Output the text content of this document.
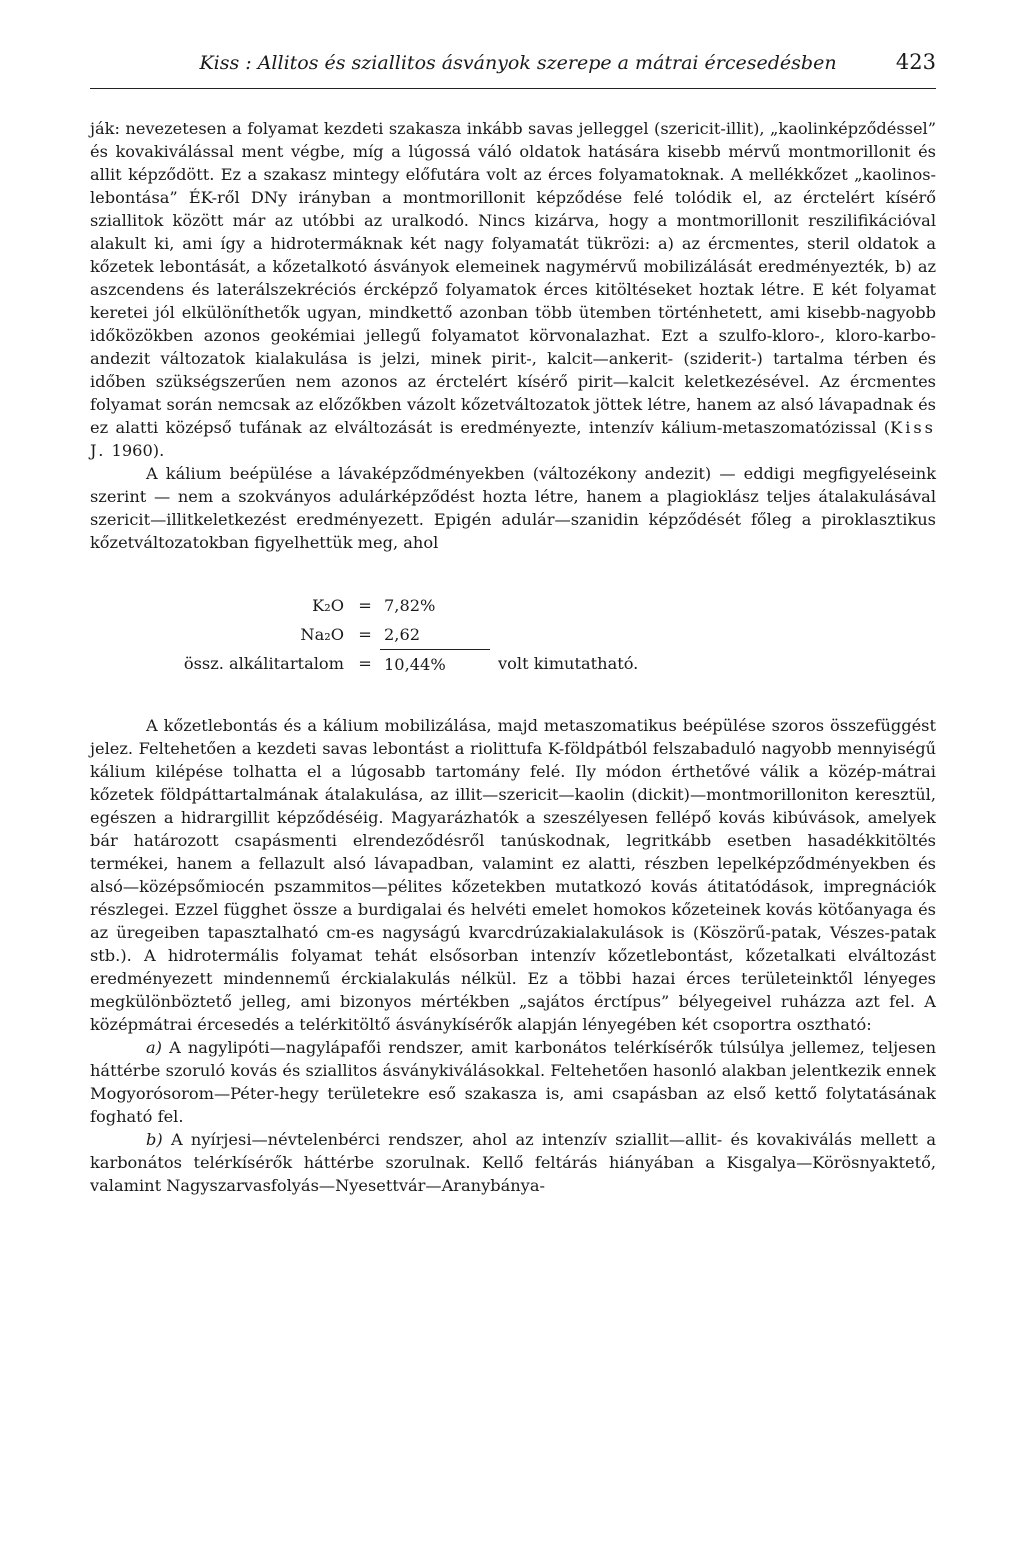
Kiss : Allitos és sziallitos ásványok szerepe a mátrai ércesedésben	423

ják: nevezetesen a folyamat kezdeti szakasza inkább savas jelleggel (szericit-illit), „kaolinképződéssel” és kovakiválással ment végbe, míg a lúgossá váló oldatok hatására kisebb mérvű montmorillonit és allit képződött. Ez a szakasz mintegy előfutára volt az érces folyamatoknak. A mellékkőzet „kaolinos-lebontása” ÉK-ről DNy irányban a montmorillonit képződése felé tolódik el, az érctelért kísérő sziallitok között már az utóbbi az uralkodó. Nincs kizárva, hogy a montmorillonit reszilifikációval alakult ki, ami így a hidrotermáknak két nagy folyamatát tükrözi: a) az ércmentes, steril oldatok a kőzetek lebontását, a kőzetalkotó ásványok elemeinek nagymérvű mobilizálását eredményezték, b) az aszcendens és laterálszekréciós ércképző folyamatok érces kitöltéseket hoztak létre. E két folyamat keretei jól elkülöníthetők ugyan, mindkettő azonban több ütemben történhetett, ami kisebb-nagyobb időközökben azonos geokémiai jellegű folyamatot körvonalazhat. Ezt a szulfo-kloro-, kloro-karbo-andezit változatok kialakulása is jelzi, minek pirit-, kalcit—ankerit- (sziderit-) tartalma térben és időben szükségszerűen nem azonos az érctelért kísérő pirit—kalcit keletkezésével. Az ércmentes folyamat során nemcsak az előzőkben vázolt kőzetváltozatok jöttek létre, hanem az alsó lávapadnak és ez alatti középső tufának az elváltozását is eredményezte, intenzív kálium-metaszomatózissal (Kiss J. 1960).

A kálium beépülése a lávaképződményekben (változékony andezit) — eddigi megfigyeléseink szerint — nem a szokványos adulárképződést hozta létre, hanem a plagioklász teljes átalakulásával szericit—illitkeletkezést eredményezett. Epigén adulár—szanidin képződését főleg a piroklasztikus kőzetváltozatokban figyelhettük meg, ahol

K₂O = 7,82%
Na₂O = 2,62
össz. alkálitartalom = 10,44%	volt kimutatható.

A kőzetlebontás és a kálium mobilizálása, majd metaszomatikus beépülése szoros összefüggést jelez. Feltehetően a kezdeti savas lebontást a riolittufa K-földpátból felszabaduló nagyobb mennyiségű kálium kilépése tolhatta el a lúgosabb tartomány felé. Ily módon érthetővé válik a közép-mátrai kőzetek földpáttartalmának átalakulása, az illit—szericit—kaolin (dickit)—montmorilloniton keresztül, egészen a hidrargillit képződéséig. Magyarázhatók a szeszélyesen fellépő kovás kibúvások, amelyek bár határozott csapásmenti elrendeződésről tanúskodnak, legritkább esetben hasadékkitöltés termékei, hanem a fellazult alsó lávapadban, valamint ez alatti, részben lepelképződményekben és alsó—középsőmiocén pszammitos—pélites kőzetekben mutatkozó kovás átitatódások, impregnációk részlegei. Ezzel függhet össze a burdigalai és helvéti emelet homokos kőzeteinek kovás kötőanyaga és az üregeiben tapasztalható cm-es nagyságú kvarcdrúzakialakulások is (Köszörű-patak, Vészes-patak stb.). A hidrotermális folyamat tehát elsősorban intenzív kőzetlebontást, kőzetalkati elváltozást eredményezett mindennemű érckialakulás nélkül. Ez a többi hazai érces területeinktől lényeges megkülönböztető jelleg, ami bizonyos mértékben „sajátos érctípus” bélyegeivel ruházza azt fel. A középmátrai ércesedés a telérkitöltő ásványkísérők alapján lényegében két csoportra osztható:

a) A nagylipóti—nagylápafői rendszer, amit karbonátos telérkísérők túlsúlya jellemez, teljesen háttérbe szoruló kovás és sziallitos ásványkiválásokkal. Feltehetően hasonló alakban jelentkezik ennek Mogyorósorom—Péter-hegy területekre eső szakasza is, ami csapásban az első kettő folytatásának fogható fel.

b) A nyírjesi—névtelenbérci rendszer, ahol az intenzív sziallit—allit- és kovakiválás mellett a karbonátos telérkísérők háttérbe szorulnak. Kellő feltárás hiányában a Kisgalya—Körösnyaktető, valamint Nagyszarvasfolyás—Nyesettvár—Aranybánya-
